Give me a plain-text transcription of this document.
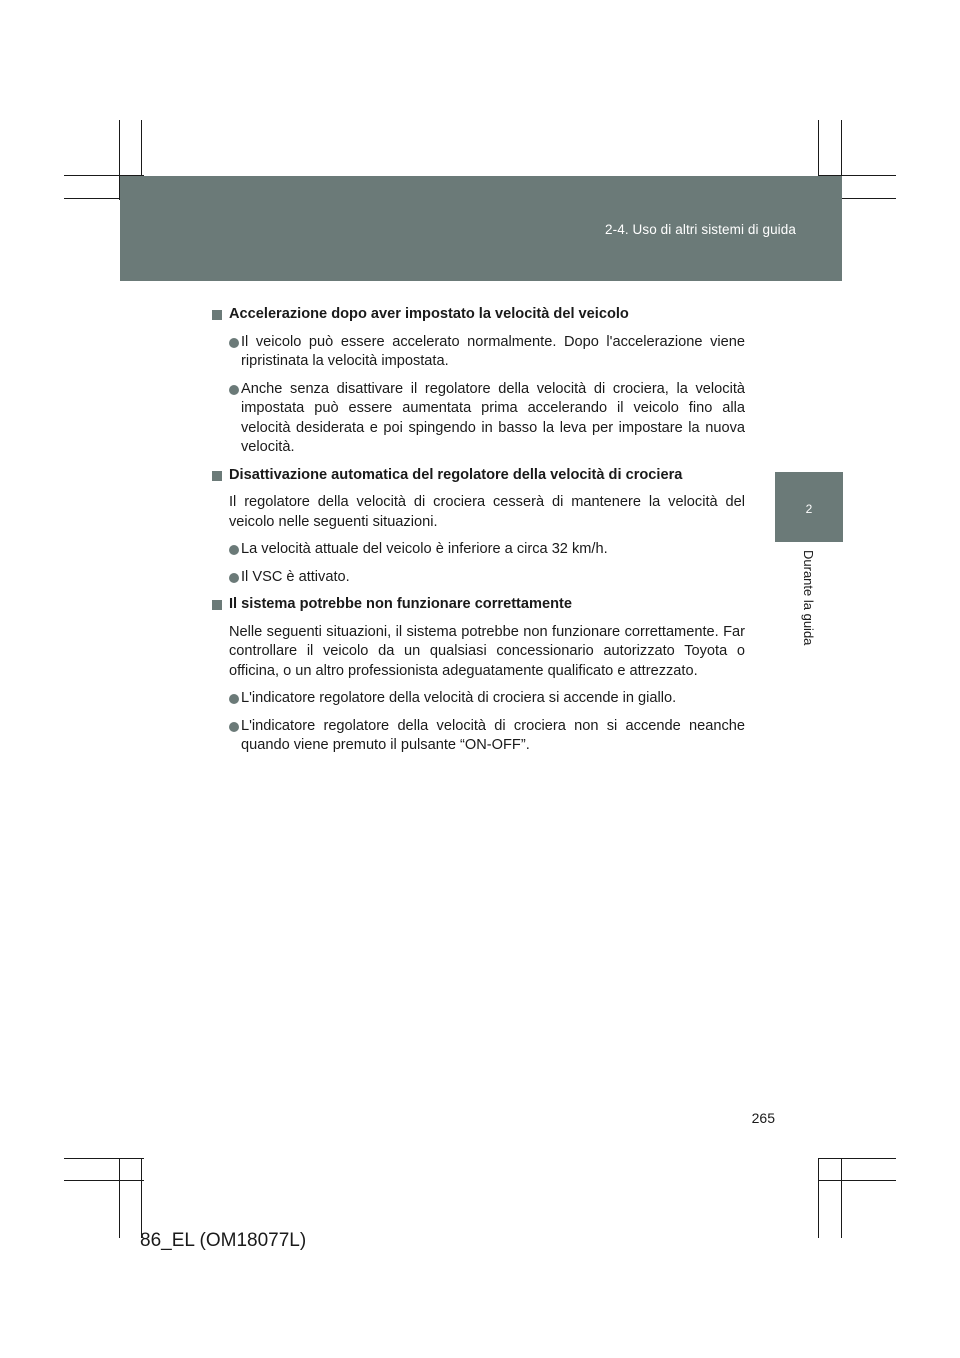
2-4. Uso di altri sistemi di guida
2
Durante la guida
Accelerazione dopo aver impostato la velocità del veicolo
Il veicolo può essere accelerato normalmente. Dopo l'accelerazione viene ripristinata la velocità impostata.
Anche senza disattivare il regolatore della velocità di crociera, la velocità impostata può essere aumentata prima accelerando il veicolo fino alla velocità desiderata e poi spingendo in basso la leva per impostare la nuova velocità.
Disattivazione automatica del regolatore della velocità di crociera
Il regolatore della velocità di crociera cesserà di mantenere la velocità del veicolo nelle seguenti situazioni.
La velocità attuale del veicolo è inferiore a circa 32 km/h.
Il VSC è attivato.
Il sistema potrebbe non funzionare correttamente
Nelle seguenti situazioni, il sistema potrebbe non funzionare correttamente. Far controllare il veicolo da un qualsiasi concessionario autorizzato Toyota o officina, o un altro professionista adeguatamente qualificato e attrezzato.
L'indicatore regolatore della velocità di crociera si accende in giallo.
L'indicatore regolatore della velocità di crociera non si accende neanche quando viene premuto il pulsante “ON-OFF”.
265
86_EL (OM18077L)
